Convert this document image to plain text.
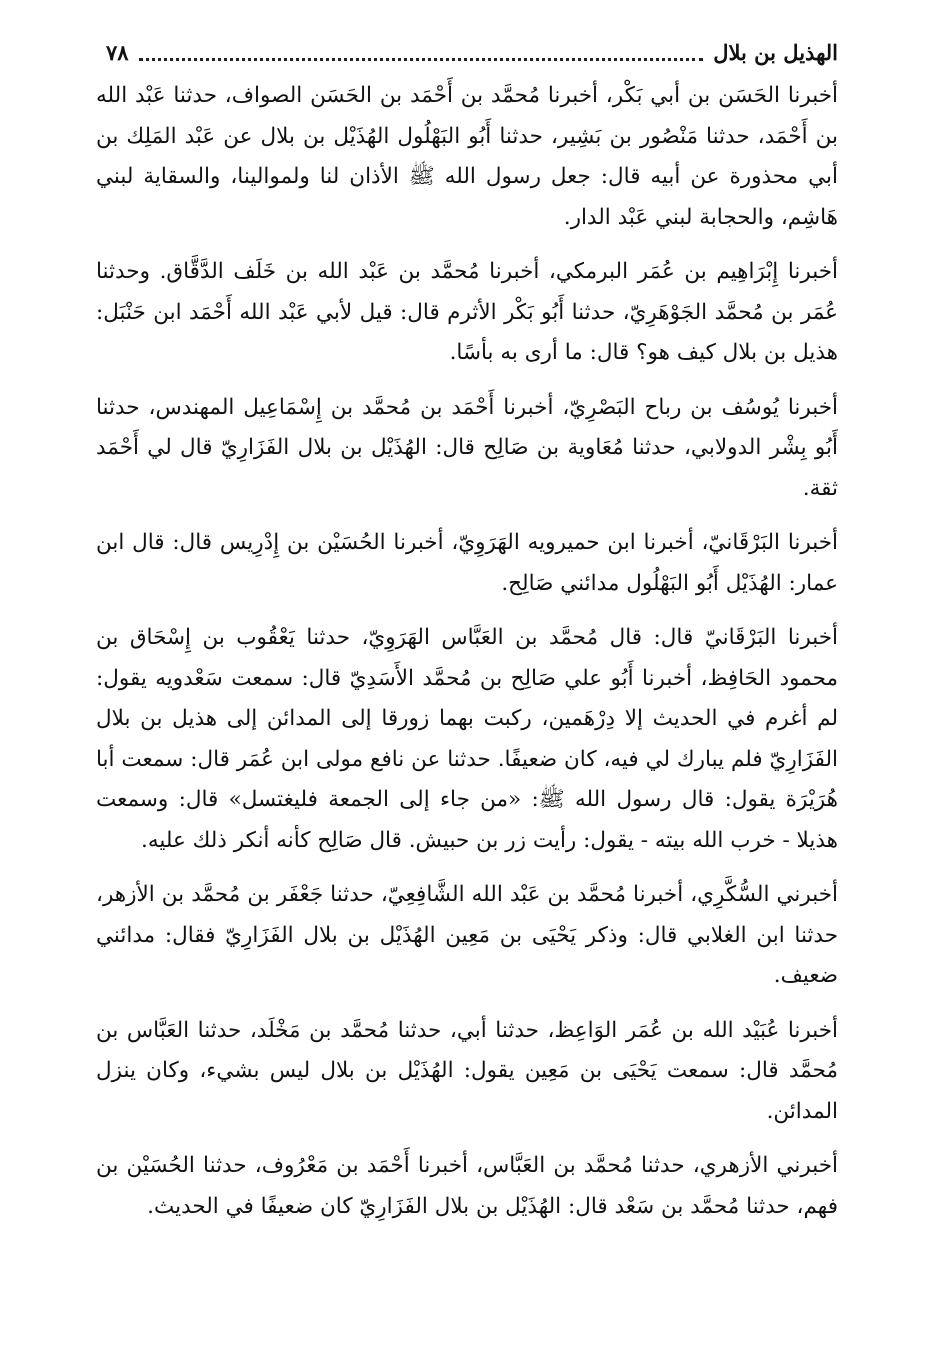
الهذيل بن بلال
٧٨

أخبرنا الحَسَن بن أبي بَكْر، أخبرنا مُحمَّد بن أَحْمَد بن الحَسَن الصواف، حدثنا عَبْد الله بن أَحْمَد، حدثنا مَنْصُور بن بَشِير، حدثنا أَبُو البَهْلُول الهُذَيْل بن بلال عن عَبْد المَلِك بن أبي محذورة عن أبيه قال: جعل رسول الله ﷺ الأذان لنا ولموالينا، والسقاية لبني هَاشِم، والحجابة لبني عَبْد الدار.

أخبرنا إِبْرَاهِيم بن عُمَر البرمكي، أخبرنا مُحمَّد بن عَبْد الله بن خَلَف الدَّقَّاق. وحدثنا عُمَر بن مُحمَّد الجَوْهَرِيّ، حدثنا أَبُو بَكْر الأثرم قال: قيل لأبي عَبْد الله أَحْمَد ابن حَنْبَل: هذيل بن بلال كيف هو؟ قال: ما أرى به بأسًا.

أخبرنا يُوسُف بن رباح البَصْرِيّ، أخبرنا أَحْمَد بن مُحمَّد بن إِسْمَاعِيل المهندس، حدثنا أَبُو بِشْر الدولابي، حدثنا مُعَاوية بن صَالِح قال: الهُذَيْل بن بلال الفَزَارِيّ قال لي أَحْمَد ثقة.

أخبرنا البَرْقَانيّ، أخبرنا ابن حميرويه الهَرَوِيّ، أخبرنا الحُسَيْن بن إِدْرِيس قال: قال ابن عمار: الهُذَيْل أَبُو البَهْلُول مدائني صَالِح.

أخبرنا البَرْقَانيّ قال: قال مُحمَّد بن العَبَّاس الهَرَوِيّ، حدثنا يَعْقُوب بن إِسْحَاق بن محمود الحَافِظ، أخبرنا أَبُو علي صَالِح بن مُحمَّد الأَسَدِيّ قال: سمعت سَعْدويه يقول: لم أغرم في الحديث إلا دِرْهَمين، ركبت بهما زورقا إلى المدائن إلى هذيل بن بلال الفَزَارِيّ فلم يبارك لي فيه، كان ضعيفًا. حدثنا عن نافع مولى ابن عُمَر قال: سمعت أبا هُرَيْرَة يقول: قال رسول الله ﷺ: «من جاء إلى الجمعة فليغتسل» قال: وسمعت هذيلا - خرب الله بيته - يقول: رأيت زر بن حبيش. قال صَالِح كأنه أنكر ذلك عليه.

أخبرني السُّكَّرِي، أخبرنا مُحمَّد بن عَبْد الله الشَّافِعِيّ، حدثنا جَعْفَر بن مُحمَّد بن الأزهر، حدثنا ابن الغلابي قال: وذكر يَحْيَى بن مَعِين الهُذَيْل بن بلال الفَزَارِيّ فقال: مدائني ضعيف.

أخبرنا عُبَيْد الله بن عُمَر الوَاعِظ، حدثنا أبي، حدثنا مُحمَّد بن مَخْلَد، حدثنا العَبَّاس بن مُحمَّد قال: سمعت يَحْيَى بن مَعِين يقول: الهُذَيْل بن بلال ليس بشيء، وكان ينزل المدائن.

أخبرني الأزهري، حدثنا مُحمَّد بن العَبَّاس، أخبرنا أَحْمَد بن مَعْرُوف، حدثنا الحُسَيْن بن فهم، حدثنا مُحمَّد بن سَعْد قال: الهُذَيْل بن بلال الفَزَارِيّ كان ضعيفًا في الحديث.
